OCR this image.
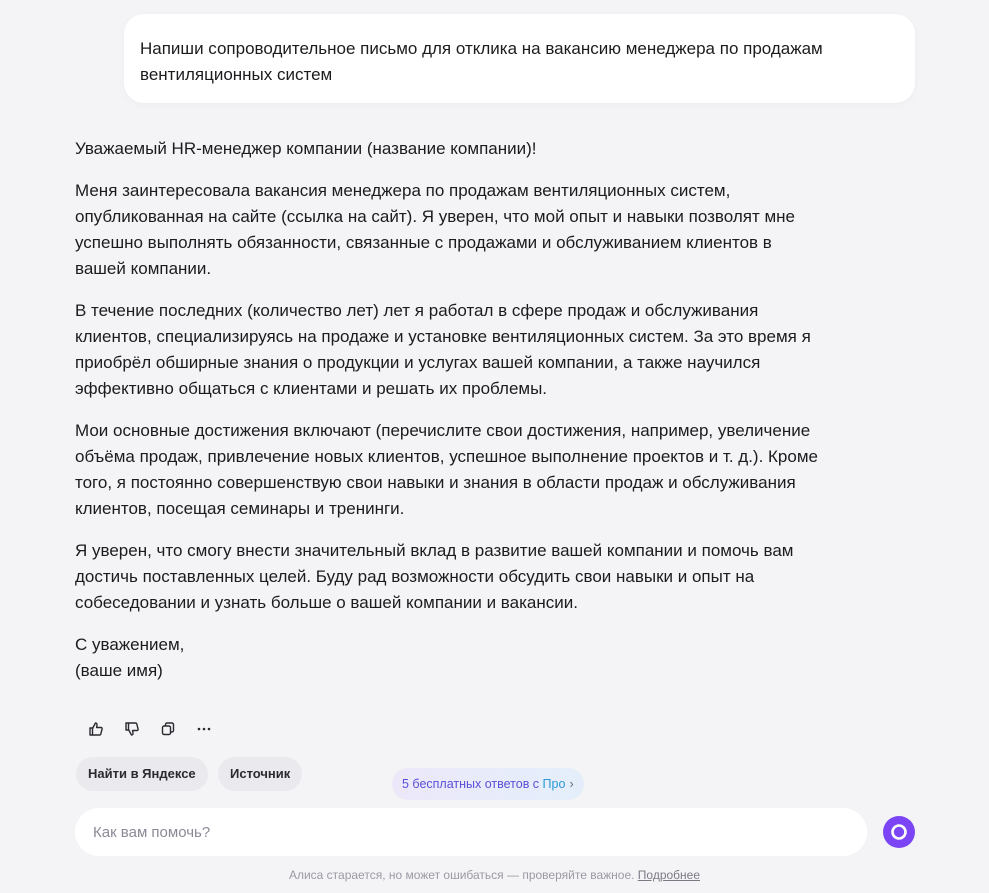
Напиши сопроводительное письмо для отклика на вакансию менеджера по продажам вентиляционных систем

Уважаемый HR-менеджер компании (название компании)!

Меня заинтересовала вакансия менеджера по продажам вентиляционных систем,
опубликованная на сайте (ссылка на сайт). Я уверен, что мой опыт и навыки позволят мне
успешно выполнять обязанности, связанные с продажами и обслуживанием клиентов в
вашей компании.

В течение последних (количество лет) лет я работал в сфере продаж и обслуживания
клиентов, специализируясь на продаже и установке вентиляционных систем. За это время я
приобрёл обширные знания о продукции и услугах вашей компании, а также научился
эффективно общаться с клиентами и решать их проблемы.

Мои основные достижения включают (перечислите свои достижения, например, увеличение
объёма продаж, привлечение новых клиентов, успешное выполнение проектов и т. д.). Кроме
того, я постоянно совершенствую свои навыки и знания в области продаж и обслуживания
клиентов, посещая семинары и тренинги.

Я уверен, что смогу внести значительный вклад в развитие вашей компании и помочь вам
достичь поставленных целей. Буду рад возможности обсудить свои навыки и опыт на
собеседовании и узнать больше о вашей компании и вакансии.

С уважением,
(ваше имя)

Найти в Яндексе	Источник
5 бесплатных ответов с Про ›
Как вам помочь?
Алиса старается, но может ошибаться — проверяйте важное. Подробнее
